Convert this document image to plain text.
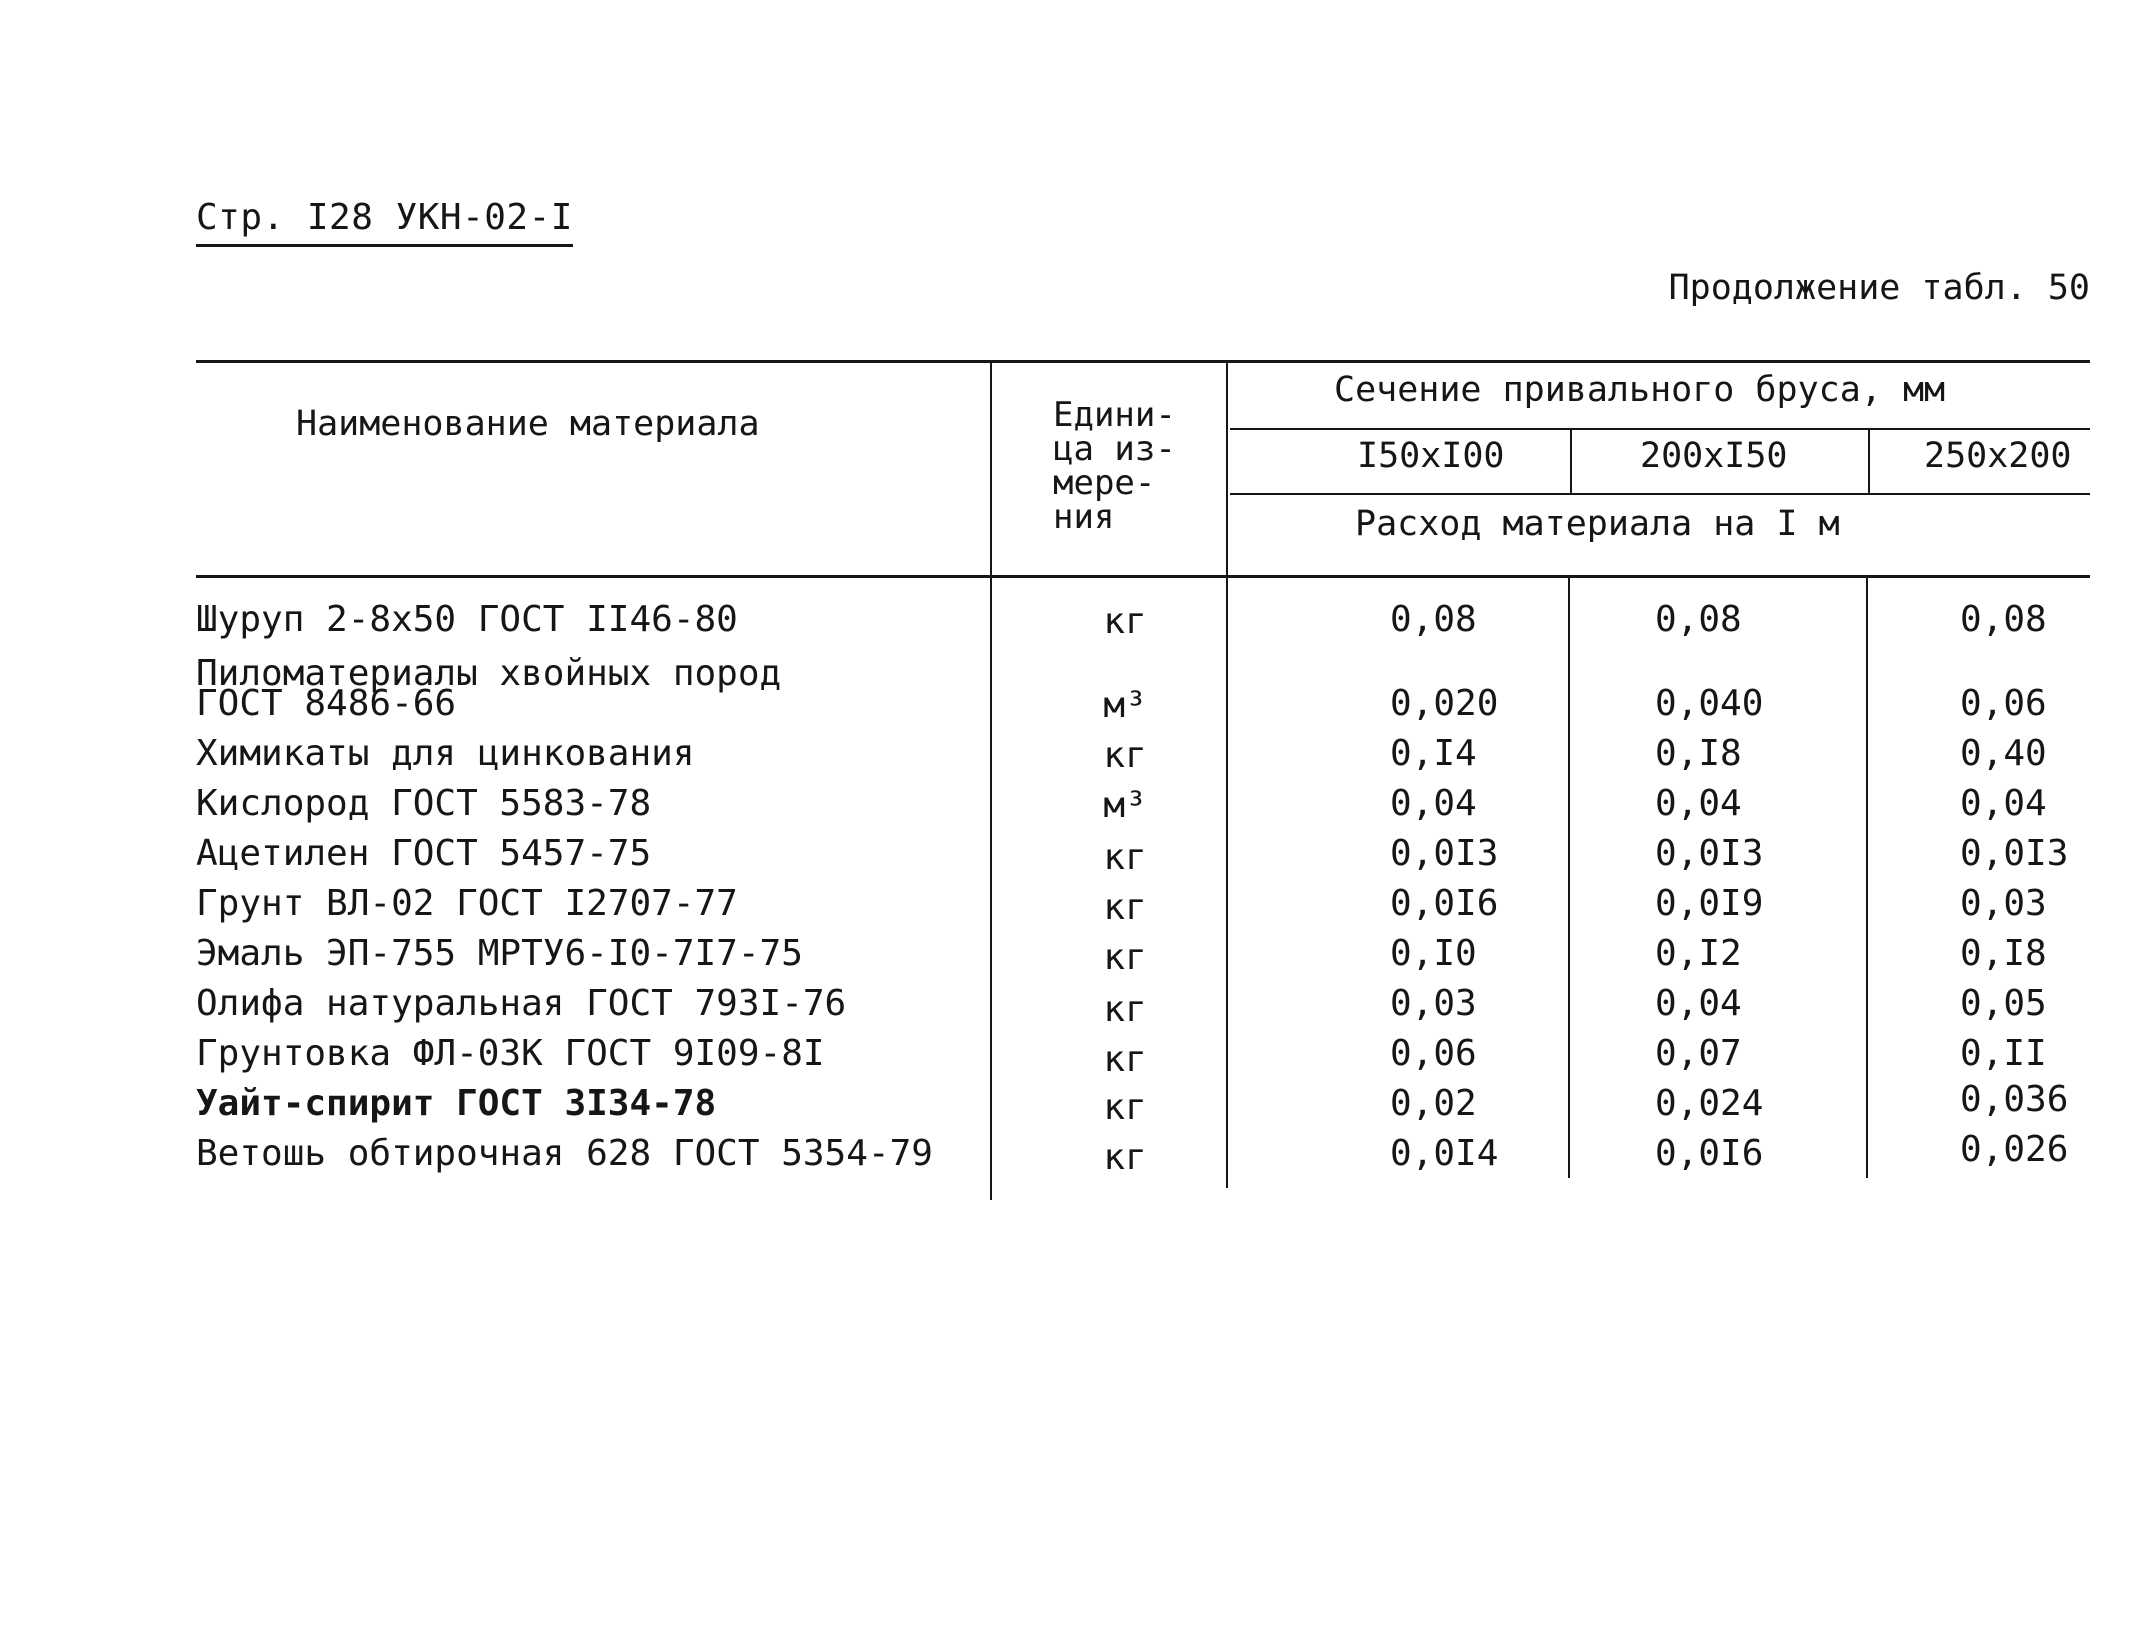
Стр. I28 УКН-02-I
Продолжение табл. 50
Наименование материала	Едини-
ца из-
мере-
ния
Сечение привального бруса, мм
I50xI00	200xI50	250x200
Расход материала на I м
Шуруп 2-8x50 ГОСТ II46-80	кг	0,08	0,08	0,08
Пиломатериалы хвойных пород
ГОСТ 8486-66	м³	0,020	0,040	0,06
Химикаты для цинкования	кг	0,I4	0,I8	0,40
Кислород ГОСТ 5583-78	м³	0,04	0,04	0,04
Ацетилен ГОСТ 5457-75	кг	0,0I3	0,0I3	0,0I3
Грунт ВЛ-02 ГОСТ I2707-77	кг	0,0I6	0,0I9	0,03
Эмаль ЭП-755 МРТУ6-I0-7I7-75	кг	0,I0	0,I2	0,I8
Олифа натуральная ГОСТ 793I-76	кг	0,03	0,04	0,05
Грунтовка ФЛ-03К ГОСТ 9I09-8I	кг	0,06	0,07	0,II
Уайт-спирит ГОСТ 3I34-78	кг	0,02	0,024	0,036
Ветошь обтирочная 628 ГОСТ 5354-79	кг	0,0I4	0,0I6	0,026
